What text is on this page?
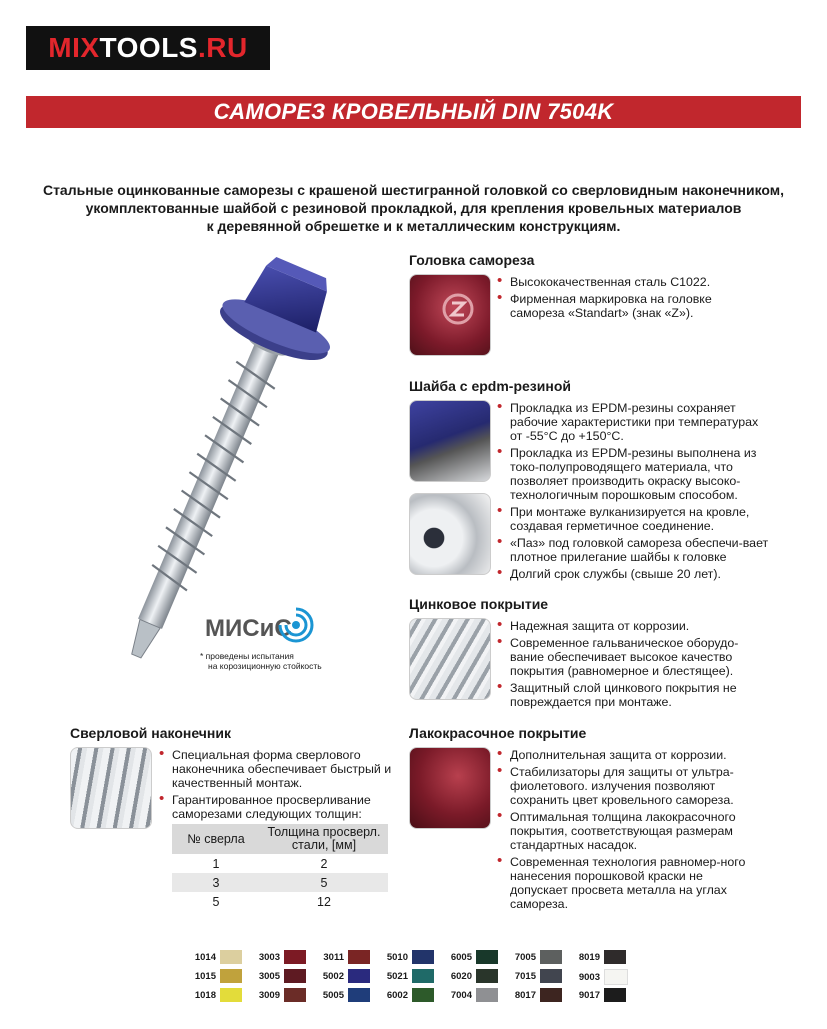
MIXTOOLS.RU
САМОРЕЗ КРОВЕЛЬНЫЙ DIN 7504K
Стальные оцинкованные саморезы с крашеной шестигранной головкой со сверловидным наконечником,
укомплектованные шайбой с резиновой прокладкой, для крепления кровельных материалов
к деревянной обрешетке и к металлическим конструкциям.
МИСиС
* проведены испытания
на корозиционную стойкость
Головка самореза
• Высококачественная сталь С1022.
• Фирменная маркировка на головке самореза «Standart» (знак «Z»).
Шайба с epdm-резиной
• Прокладка из EPDM-резины сохраняет рабочие характеристики при температурах от -55°С до +150°С.
• Прокладка из EPDM-резины выполнена из токо-полупроводящего материала, что позволяет производить окраску высоко-технологичным порошковым способом.
• При монтаже вулканизируется на кровле, создавая герметичное соединение.
• «Паз» под головкой самореза обеспечи-вает плотное прилегание шайбы к головке
• Долгий срок службы (свыше 20 лет).
Цинковое покрытие
• Надежная защита от коррозии.
• Современное гальваническое оборудо-вание обеспечивает высокое качество покрытия (равномерное и блестящее).
• Защитный слой цинкового покрытия не повреждается при монтаже.
Сверловой наконечник
• Специальная форма сверлового наконечника обеспечивает быстрый и качественный монтаж.
• Гарантированное просверливание саморезами следующих толщин:
№ сверла	Толщина просверл. стали, [мм]
1	2
3	5
5	12
Лакокрасочное покрытие
• Дополнительная защита от коррозии.
• Стабилизаторы для защиты от ультра-фиолетового. излучения позволяют сохранить цвет кровельного самореза.
• Оптимальная толщина лакокрасочного покрытия, соответствующая размерам стандартных насадок.
• Современная технология равномер-ного нанесения порошковой краски не допускает просвета металла на углах самореза.
1014
1015
1018
3003
3005
3009
3011
5002
5005
5010
5021
6002
6005
6020
7004
7005
7015
8017
8019
9003
9017
